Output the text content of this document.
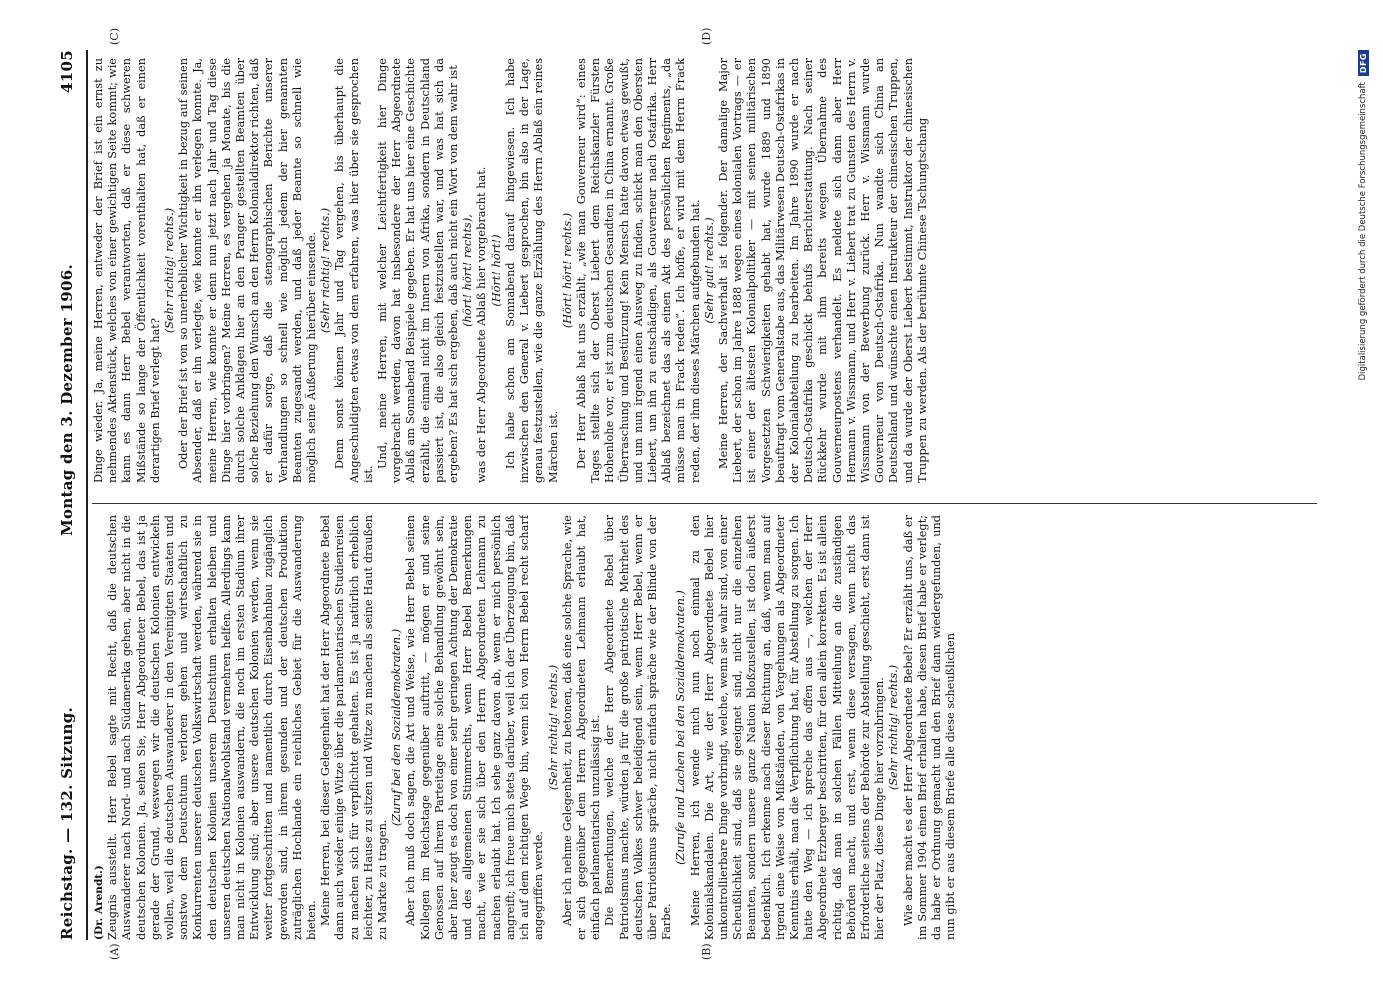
Reichstag. — 132. Sitzung.
Montag den 3. Dezember 1906.
4105
(A)	(B)
(C)	(D)

(Dr. Arendt.) Zeugnis ausstellt. Herr Bebel sagte mit Recht, daß die deutschen Auswanderer nach Nord- und nach Südamerika gehen, aber nicht in die deutschen Kolonien. Ja, sehen Sie, Herr Abgeordneter Bebel, das ist ja gerade der Grund, weswegen wir die deutschen Kolonien entwickeln wollen, weil die deutschen Auswanderer in den Vereinigten Staaten und sonstwo dem Deutschtum verloren gehen und wirtschaftlich zu Konkurrenten unserer deutschen Volkswirtschaft werden, während sie in den deutschen Kolonien unserem Deutschtum erhalten bleiben und unseren deutschen Nationalwohlstand vermehren helfen. Allerdings kann man nicht in Kolonien auswandern, die noch im ersten Stadium ihrer Entwicklung sind; aber unsere deutschen Kolonien werden, wenn sie weiter fortgeschritten und namentlich durch Eisenbahnbau zugänglich geworden sind, in ihrem gesunden und der deutschen Produktion zuträglichen Hochlande ein reichliches Gebiet für die Auswanderung bieten. Meine Herren, bei dieser Gelegenheit hat der Herr Abgeordnete Bebel dann auch wieder einige Witze über die parlamentarischen Studienreisen zu machen sich für verpflichtet gehalten. Es ist ja natürlich erheblich leichter, zu Hause zu sitzen und Witze zu machen als seine Haut draußen zu Markte zu tragen.

(Zuruf bei den Sozialdemokraten.) Aber ich muß doch sagen, die Art und Weise, wie Herr Bebel seinen Kollegen im Reichstage gegenüber auftritt, — mögen er und seine Genossen auf ihrem Parteitage eine solche Behandlung gewöhnt sein, aber hier zeugt es doch von einer sehr geringen Achtung der Demokratie und des allgemeinen Stimmrechts, wenn Herr Bebel Bemerkungen macht, wie er sie sich über den Herrn Abgeordneten Lehmann zu machen erlaubt hat. Ich sehe ganz davon ab, wenn er mich persönlich angreift; ich freue mich stets darüber, weil ich der Überzeugung bin, daß ich auf dem richtigen Wege bin, wenn ich von Herrn Bebel recht scharf angegriffen werde.

(Sehr richtig! rechts.) Aber ich nehme Gelegenheit, zu betonen, daß eine solche Sprache, wie er sich gegenüber dem Herrn Abgeordneten Lehmann erlaubt hat, einfach parlamentarisch unzulässig ist. Die Bemerkungen, welche der Herr Abgeordnete Bebel über Patriotismus machte, würden ja für die große patriotische Mehrheit des deutschen Volkes schwer beleidigend sein, wenn Herr Bebel, wenn er über Patriotismus spräche, nicht einfach spräche wie der Blinde von der Farbe.

(Zurufe und Lachen bei den Sozialdemokraten.) Meine Herren, ich wende mich nun noch einmal zu den Kolonialskandalen. Die Art, wie der Herr Abgeordnete Bebel hier unkontrollierbare Dinge vorbringt, welche, wenn sie wahr sind, von einer Scheußlichkeit sind, daß sie geeignet sind, nicht nur die einzelnen Beamten, sondern unsere ganze Nation bloßzustellen, ist doch äußerst bedenklich. Ich erkenne nach dieser Richtung an, daß, wenn man auf irgend eine Weise von Mißständen, von Vergehungen als Abgeordneter Kenntnis erhält, man die Verpflichtung hat, für Abstellung zu sorgen. Ich hatte den Weg — ich spreche das offen aus —, welchen der Herr Abgeordnete Erzberger beschritten, für den allein korrekten. Es ist allein richtig, daß man in solchen Fällen Mitteilung an die zuständigen Behörden macht, und erst, wenn diese versagen, wenn nicht das Erforderliche seitens der Behörde zur Abstellung geschieht, erst dann ist hier der Platz, diese Dinge hier vorzubringen. (Sehr richtig! rechts.) Wie aber macht es der Herr Abgeordnete Bebel? Er erzählt uns, daß er im Sommer 1904 einen Brief erhalten habe, diesen Brief habe er verlegt; da habe er Ordnung gemacht und den Brief dann wiedergefunden, und nun gibt er aus diesem Briefe alle diese scheußlichen

Dinge wieder. Ja, meine Herren, entweder der Brief ist ein ernst zu nehmendes Aktenstück, welches von einer gewichtigen Seite kommt; wie kann es dann Herr Bebel verantworten, daß er diese schweren Mißstände so lange der Öffentlichkeit vorenthalten hat, daß er einen derartigen Brief verlegt hat?

(Sehr richtig! rechts.) Oder der Brief ist von so unerheblicher Wichtigkeit in bezug auf seinen Absender, daß er ihn verlegte, wie konnte er ihn verlegen konnte. Ja, meine Herren, wie konnte er denn nun jetzt nach Jahr und Tag diese Dinge hier vorbringen? Meine Herren, es vergehen ja Monate, bis die durch solche Anklagen hier an den Pranger gestellten Beamten über solche Beziehung den Wunsch an den Herrn Kolonialdirektor richten, daß er dafür sorge, daß die stenographischen Berichte unserer Verhandlungen so schnell wie möglich jedem der hier genannten Beamten zugesandt werden, und daß jeder Beamte so schnell wie möglich seine Äußerung hierüber einsende. (Sehr richtig! rechts.) Denn sonst können Jahr und Tag vergehen, bis überhaupt die Angeschuldigten etwas von dem erfahren, was hier über sie gesprochen ist.

Und, meine Herren, mit welcher Leichtfertigkeit hier Dinge vorgebracht werden, davon hat insbesondere der Herr Abgeordnete Ablaß am Sonnabend Beispiele gegeben. Er hat uns hier eine Geschichte erzählt, die einmal nicht im Innern von Afrika, sondern in Deutschland passiert ist, die also gleich festzustellen war, und was hat sich da ergeben? Es hat sich ergeben, daß auch nicht ein Wort von dem wahr ist (hört! hört! rechts), was der Herr Abgeordnete Ablaß hier vorgebracht hat. (Hört! hört!) Ich habe schon am Sonnabend darauf hingewiesen. Ich habe inzwischen den General v. Liebert gesprochen, bin also in der Lage, genau festzustellen, wie die ganze Erzählung des Herrn Ablaß ein reines Märchen ist.

(Hört! hört! rechts.) Der Herr Ablaß hat uns erzählt, „wie man Gouverneur wird“: eines Tages stellte sich der Oberst Liebert dem Reichskanzler Fürsten Hohenlohe vor, er ist zum deutschen Gesandten in China ernannt. Große Überraschung und Bestürzung! Kein Mensch hatte davon etwas gewußt, und um nun irgend einen Ausweg zu finden, schickt man den Obersten Liebert, um ihn zu entschädigen, als Gouverneur nach Ostafrika. Herr Ablaß bezeichnet das als einen Akt des persönlichen Regiments, „da müsse man in Frack reden“. Ich hoffe, er wird mit dem Herrn Frack reden, der ihm dieses Märchen aufgebunden hat. (Sehr gut! rechts.) Meine Herren, der Sachverhalt ist folgender. Der damalige Major Liebert, der schon im Jahre 1888 wegen eines kolonialen Vortrags — er ist einer der ältesten Kolonialpolitiker — mit seinen militärischen Vorgesetzten Schwierigkeiten gehabt hat, wurde 1889 und 1890 beauftragt vom Generalstabe aus, das Militärwesen Deutsch-Ostafrikas in der Kolonialabteilung zu bearbeiten. Im Jahre 1890 wurde er nach Deutsch-Ostafrika geschickt behufs Berichterstattung. Nach seiner Rückkehr wurde mit ihm bereits wegen Übernahme des Gouverneurpostens verhandelt. Es meldete sich dann aber Herr Hermann v. Wissmann, und Herr v. Liebert trat zu Gunsten des Herrn v. Wissmann von der Bewerbung zurück. Herr v. Wissmann wurde Gouverneur von Deutsch-Ostafrika. Nun wandte sich China an Deutschland und wünschte einen Instrukteur der chinesischen Truppen, und da wurde der Oberst Liebert bestimmt, Instruktor der chinesischen Truppen zu werden. Als der berühmte Chinese Tschungtschang	Digitalisierung gefördert durch die Deutsche Forschungsgemeinschaft
DFG
